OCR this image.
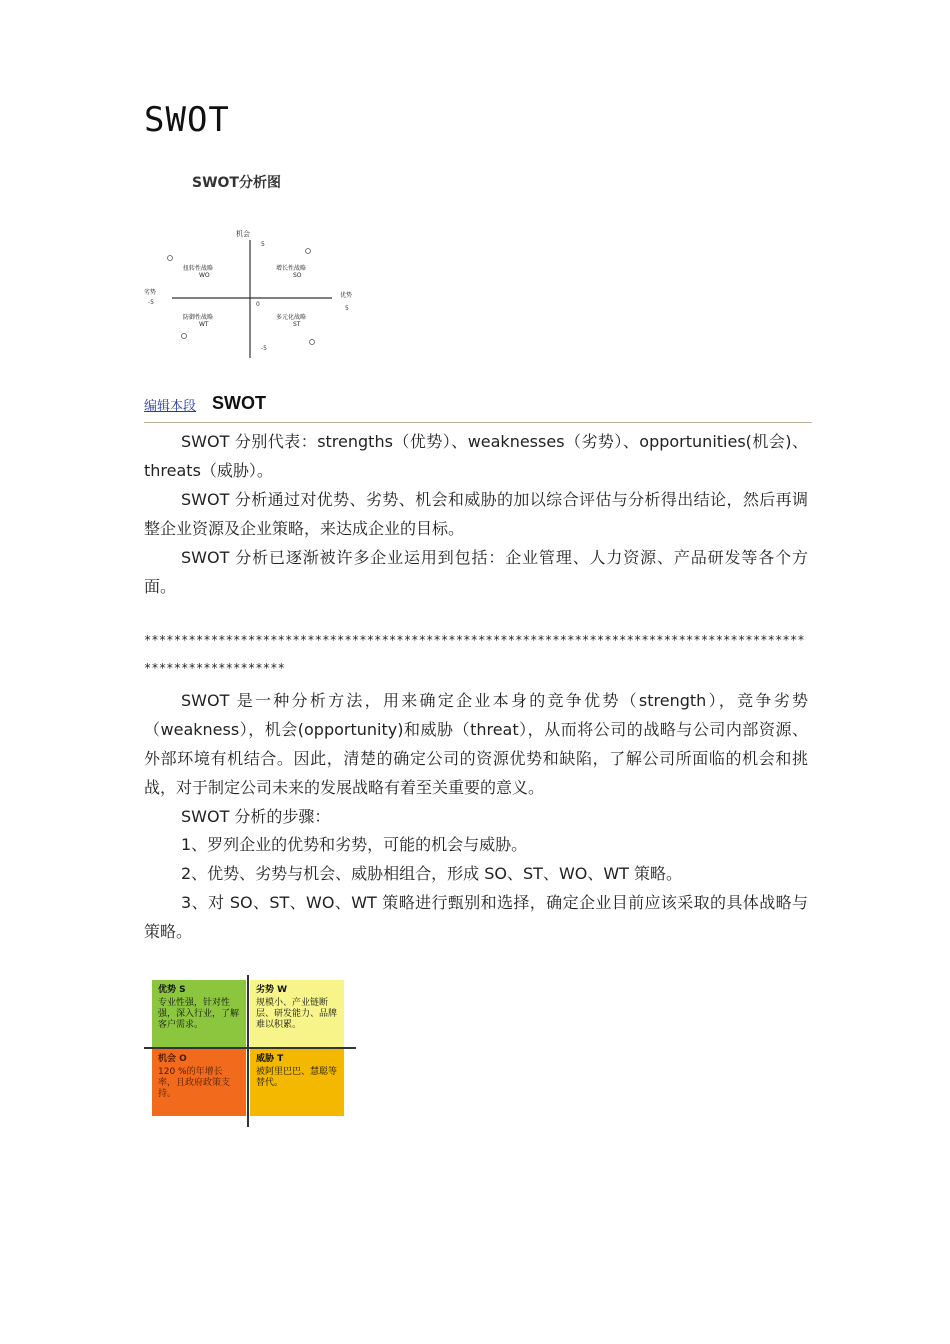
SWOT
SWOT分析图
机会
5
-5
劣势
-5
优势
5
0
扭转性战略
WO
增长性战略
SO
防御性战略
WT
多元化战略
ST
编辑本段 SWOT
SWOT 分别代表：strengths（优势）、weaknesses（劣势）、opportunities(机会)、threats（威胁）。
SWOT 分析通过对优势、劣势、机会和威胁的加以综合评估与分析得出结论，然后再调整企业资源及企业策略，来达成企业的目标。
SWOT 分析已逐渐被许多企业运用到包括：企业管理、人力资源、产品研发等各个方面。
************************************************************************************************************
SWOT 是一种分析方法，用来确定企业本身的竞争优势（strength），竞争劣势（weakness），机会(opportunity)和威胁（threat），从而将公司的战略与公司内部资源、外部环境有机结合。因此，清楚的确定公司的资源优势和缺陷，了解公司所面临的机会和挑战，对于制定公司未来的发展战略有着至关重要的意义。
SWOT 分析的步骤：
1、罗列企业的优势和劣势，可能的机会与威胁。
2、优势、劣势与机会、威胁相组合，形成 SO、ST、WO、WT 策略。
3、对 SO、ST、WO、WT 策略进行甄别和选择，确定企业目前应该采取的具体战略与策略。
优势 S
专业性强，针对性强，深入行业，了解客户需求。
劣势 W
规模小、产业链断层、研发能力、品牌难以积累。
机会 O
120 %的年增长率，且政府政策支持。
威胁 T
被阿里巴巴、慧聪等替代。
